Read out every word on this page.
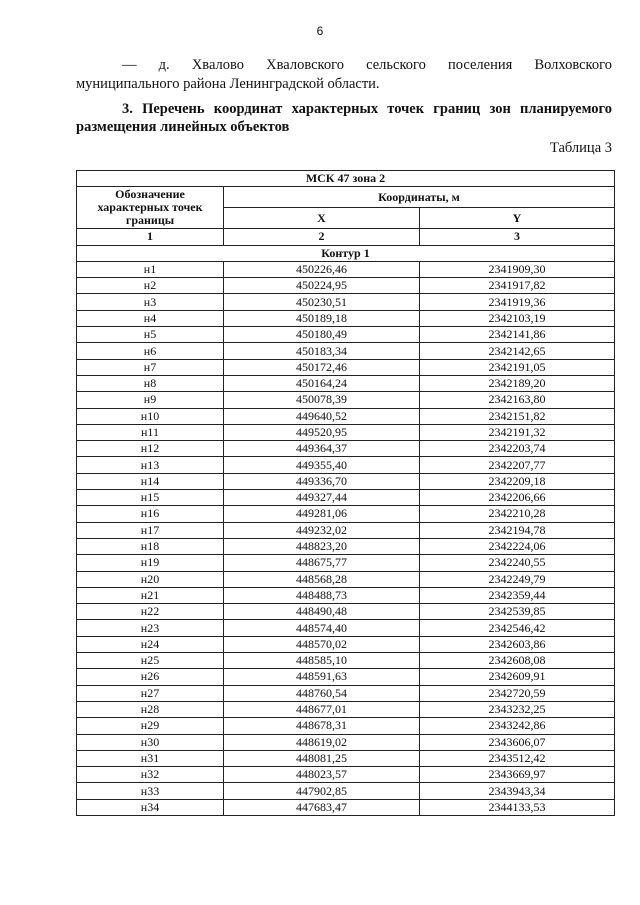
6
— д. Хвалово Хваловского сельского поселения Волховского
муниципального района Ленинградской области.
3. Перечень координат характерных точек границ зон планируемого размещения линейных объектов
Таблица 3
МСК 47 зона 2		
Обозначение характерных точек границы	Координаты, м	
	X	Y
1	2	3
Контур 1		
н1	450226,46	2341909,30
н2	450224,95	2341917,82
н3	450230,51	2341919,36
н4	450189,18	2342103,19
н5	450180,49	2342141,86
н6	450183,34	2342142,65
н7	450172,46	2342191,05
н8	450164,24	2342189,20
н9	450078,39	2342163,80
н10	449640,52	2342151,82
н11	449520,95	2342191,32
н12	449364,37	2342203,74
н13	449355,40	2342207,77
н14	449336,70	2342209,18
н15	449327,44	2342206,66
н16	449281,06	2342210,28
н17	449232,02	2342194,78
н18	448823,20	2342224,06
н19	448675,77	2342240,55
н20	448568,28	2342249,79
н21	448488,73	2342359,44
н22	448490,48	2342539,85
н23	448574,40	2342546,42
н24	448570,02	2342603,86
н25	448585,10	2342608,08
н26	448591,63	2342609,91
н27	448760,54	2342720,59
н28	448677,01	2343232,25
н29	448678,31	2343242,86
н30	448619,02	2343606,07
н31	448081,25	2343512,42
н32	448023,57	2343669,97
н33	447902,85	2343943,34
н34	447683,47	2344133,53
